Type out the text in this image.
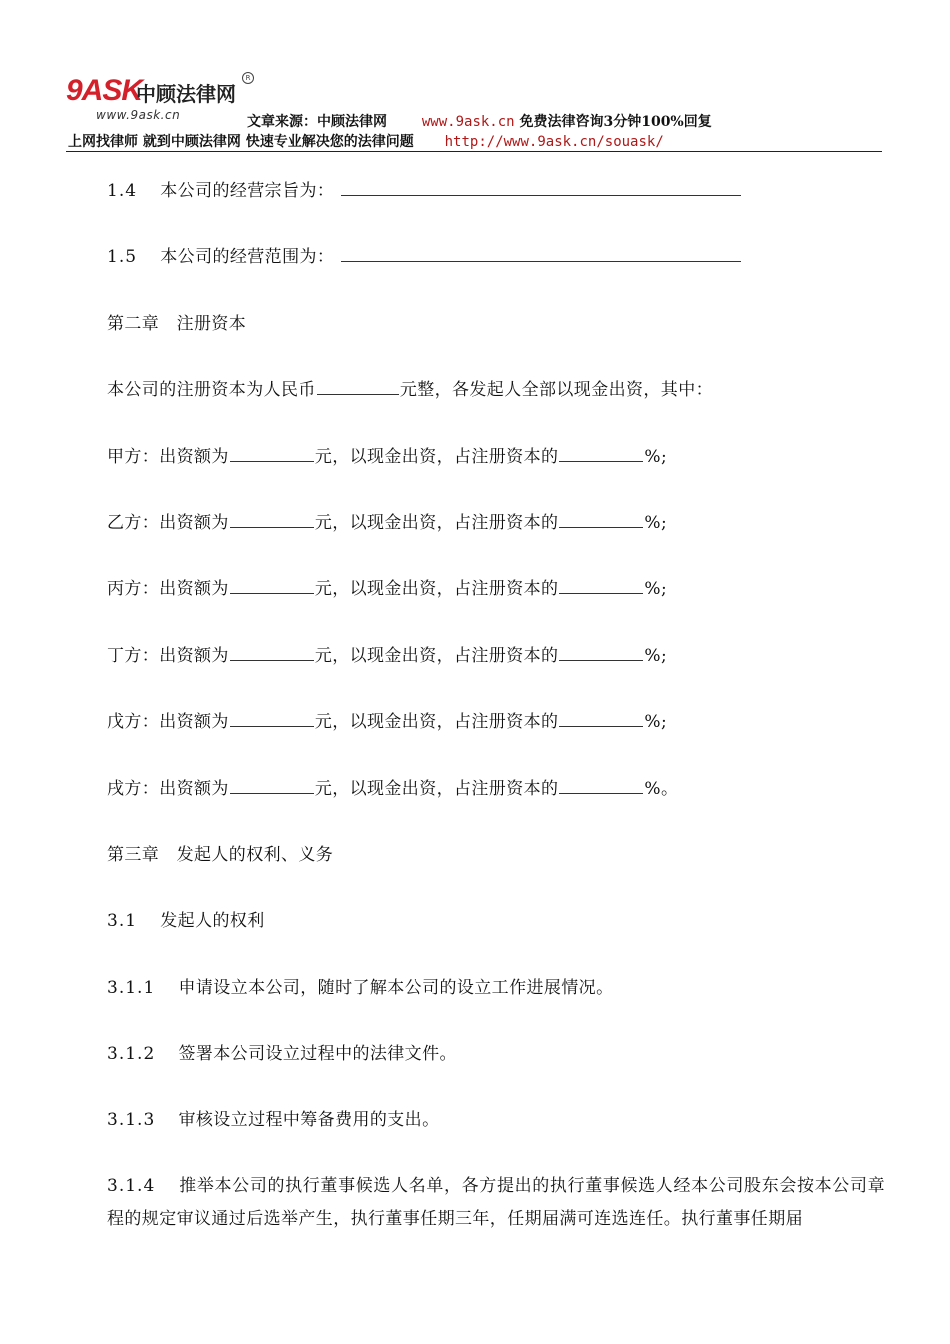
9ASK
中顾法律网
R
www.9ask.cn	文章来源：中顾法律网 www.9ask.cn 免费法律咨询3分钟100%回复
上网找律师 就到中顾法律网 快速专业解决您的法律问题 http://www.9ask.cn/souask/
1.4　 本公司的经营宗旨为：
1.5　 本公司的经营范围为：
第二章　注册资本
本公司的注册资本为人民币	元整，各发起人全部以现金出资，其中：
甲方：出资额为	元，以现金出资，占注册资本的	%;
乙方：出资额为	元，以现金出资，占注册资本的	%;
丙方：出资额为	元，以现金出资，占注册资本的	%;
丁方：出资额为	元，以现金出资，占注册资本的	%;
戊方：出资额为	元，以现金出资，占注册资本的	%;
戌方：出资额为	元，以现金出资，占注册资本的	%。
第三章　发起人的权利、义务
3.1　 发起人的权利
3.1.1　 申请设立本公司，随时了解本公司的设立工作进展情况。
3.1.2　 签署本公司设立过程中的法律文件。
3.1.3　 审核设立过程中筹备费用的支出。
3.1.4　 推举本公司的执行董事候选人名单，各方提出的执行董事候选人经本公司股东会按本公司章程的规定审议通过后选举产生，执行董事任期三年，任期届满可连选连任。执行董事任期届
